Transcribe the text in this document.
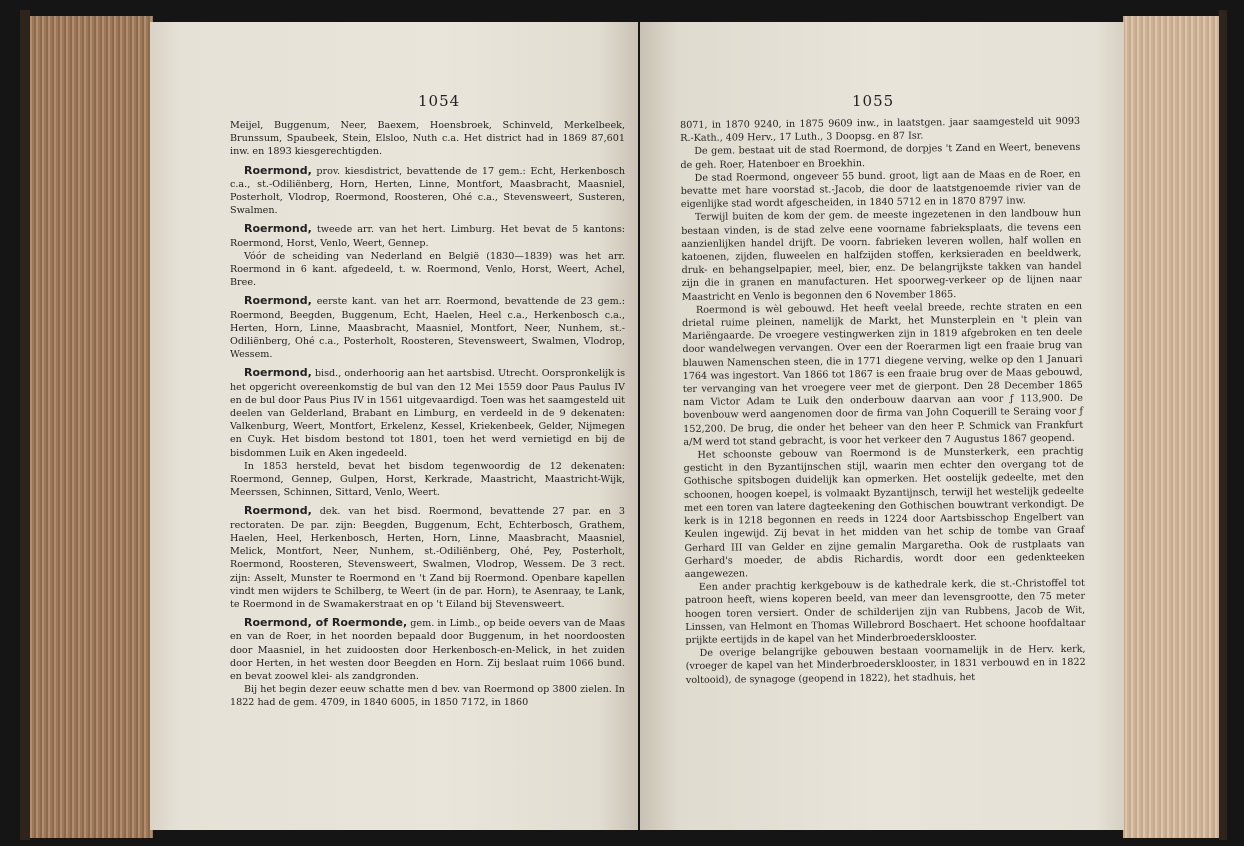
1054

Meijel, Buggenum, Neer, Baexem, Hoensbroek, Schinveld, Merkelbeek, Brunssum, Spaubeek, Stein, Elsloo, Nuth c.a. Het district had in 1869 87,601 inw. en 1893 kiesgerechtigden.

Roermond, prov. kiesdistrict, bevattende de 17 gem.: Echt, Herkenbosch c.a., st.-Odiliënberg, Horn, Herten, Linne, Montfort, Maasbracht, Maasniel, Posterholt, Vlodrop, Roermond, Roosteren, Ohé c.a., Stevensweert, Susteren, Swalmen.

Roermond, tweede arr. van het hert. Limburg. Het bevat de 5 kantons: Roermond, Horst, Venlo, Weert, Gennep.

Vóór de scheiding van Nederland en België (1830—1839) was het arr. Roermond in 6 kant. afgedeeld, t. w. Roermond, Venlo, Horst, Weert, Achel, Bree.

Roermond, eerste kant. van het arr. Roermond, bevattende de 23 gem.: Roermond, Beegden, Buggenum, Echt, Haelen, Heel c.a., Herkenbosch c.a., Herten, Horn, Linne, Maasbracht, Maasniel, Montfort, Neer, Nunhem, st.-Odiliënberg, Ohé c.a., Posterholt, Roosteren, Stevensweert, Swalmen, Vlodrop, Wessem.

Roermond, bisd., onderhoorig aan het aartsbisd. Utrecht. Oorspronkelijk is het opgericht overeenkomstig de bul van den 12 Mei 1559 door Paus Paulus IV en de bul door Paus Pius IV in 1561 uitgevaardigd. Toen was het saamgesteld uit deelen van Gelderland, Brabant en Limburg, en verdeeld in de 9 dekenaten: Valkenburg, Weert, Montfort, Erkelenz, Kessel, Kriekenbeek, Gelder, Nijmegen en Cuyk. Het bisdom bestond tot 1801, toen het werd vernietigd en bij de bisdommen Luik en Aken ingedeeld.

In 1853 hersteld, bevat het bisdom tegenwoordig de 12 dekenaten: Roermond, Gennep, Gulpen, Horst, Kerkrade, Maastricht, Maastricht-Wijk, Meerssen, Schinnen, Sittard, Venlo, Weert.

Roermond, dek. van het bisd. Roermond, bevattende 27 par. en 3 rectoraten. De par. zijn: Beegden, Buggenum, Echt, Echterbosch, Grathem, Haelen, Heel, Herkenbosch, Herten, Horn, Linne, Maasbracht, Maasniel, Melick, Montfort, Neer, Nunhem, st.-Odiliënberg, Ohé, Pey, Posterholt, Roermond, Roosteren, Stevensweert, Swalmen, Vlodrop, Wessem. De 3 rect. zijn: Asselt, Munster te Roermond en 't Zand bij Roermond. Openbare kapellen vindt men wijders te Schilberg, te Weert (in de par. Horn), te Asenraay, te Lank, te Roermond in de Swamakerstraat en op 't Eiland bij Stevensweert.

Roermond, of Roermonde, gem. in Limb., op beide oevers van de Maas en van de Roer, in het noorden bepaald door Buggenum, in het noordoosten door Maasniel, in het zuidoosten door Herkenbosch-en-Melick, in het zuiden door Herten, in het westen door Beegden en Horn. Zij beslaat ruim 1066 bund. en bevat zoowel klei- als zandgronden.

Bij het begin dezer eeuw schatte men d bev. van Roermond op 3800 zielen. In 1822 had de gem. 4709, in 1840 6005, in 1850 7172, in 1860

1055

8071, in 1870 9240, in 1875 9609 inw., in laatstgen. jaar saamgesteld uit 9093 R.-Kath., 409 Herv., 17 Luth., 3 Doopsg. en 87 Isr.

De gem. bestaat uit de stad Roermond, de dorpjes 't Zand en Weert, benevens de geh. Roer, Hatenboer en Broekhin.

De stad Roermond, ongeveer 55 bund. groot, ligt aan de Maas en de Roer, en bevatte met hare voorstad st.-Jacob, die door de laatstgenoemde rivier van de eigenlijke stad wordt afgescheiden, in 1840 5712 en in 1870 8797 inw.

Terwijl buiten de kom der gem. de meeste ingezetenen in den landbouw hun bestaan vinden, is de stad zelve eene voorname fabrieksplaats, die tevens een aanzienlijken handel drijft. De voorn. fabrieken leveren wollen, half wollen en katoenen, zijden, fluweelen en halfzijden stoffen, kerksieraden en beeldwerk, druk- en behangselpapier, meel, bier, enz. De belangrijkste takken van handel zijn die in granen en manufacturen. Het spoorweg-verkeer op de lijnen naar Maastricht en Venlo is begonnen den 6 November 1865.

Roermond is wèl gebouwd. Het heeft veelal breede, rechte straten en een drietal ruime pleinen, namelijk de Markt, het Munsterplein en 't plein van Mariëngaarde. De vroegere vestingwerken zijn in 1819 afgebroken en ten deele door wandelwegen vervangen. Over een der Roerarmen ligt een fraaie brug van blauwen Namenschen steen, die in 1771 diegene verving, welke op den 1 Januari 1764 was ingestort. Van 1866 tot 1867 is een fraaie brug over de Maas gebouwd, ter vervanging van het vroegere veer met de gierpont. Den 28 December 1865 nam Victor Adam te Luik den onderbouw daarvan aan voor ƒ 113,900. De bovenbouw werd aangenomen door de firma van John Coquerill te Seraing voor ƒ 152,200. De brug, die onder het beheer van den heer P. Schmick van Frankfurt a/M werd tot stand gebracht, is voor het verkeer den 7 Augustus 1867 geopend.

Het schoonste gebouw van Roermond is de Munsterkerk, een prachtig gesticht in den Byzantijnschen stijl, waarin men echter den overgang tot de Gothische spitsbogen duidelijk kan opmerken. Het oostelijk gedeelte, met den schoonen, hoogen koepel, is volmaakt Byzantijnsch, terwijl het westelijk gedeelte met een toren van latere dagteekening den Gothischen bouwtrant verkondigt. De kerk is in 1218 begonnen en reeds in 1224 door Aartsbisschop Engelbert van Keulen ingewijd. Zij bevat in het midden van het schip de tombe van Graaf Gerhard III van Gelder en zijne gemalin Margaretha. Ook de rustplaats van Gerhard's moeder, de abdis Richardis, wordt door een gedenkteeken aangewezen.

Een ander prachtig kerkgebouw is de kathedrale kerk, die st.-Christoffel tot patroon heeft, wiens koperen beeld, van meer dan levensgrootte, den 75 meter hoogen toren versiert. Onder de schilderijen zijn van Rubbens, Jacob de Wit, Linssen, van Helmont en Thomas Willebrord Boschaert. Het schoone hoofdaltaar prijkte eertijds in de kapel van het Minderbroedersklooster.

De overige belangrijke gebouwen bestaan voornamelijk in de Herv. kerk, (vroeger de kapel van het Minderbroedersklooster, in 1831 verbouwd en in 1822 voltooid), de synagoge (geopend in 1822), het stadhuis, het
